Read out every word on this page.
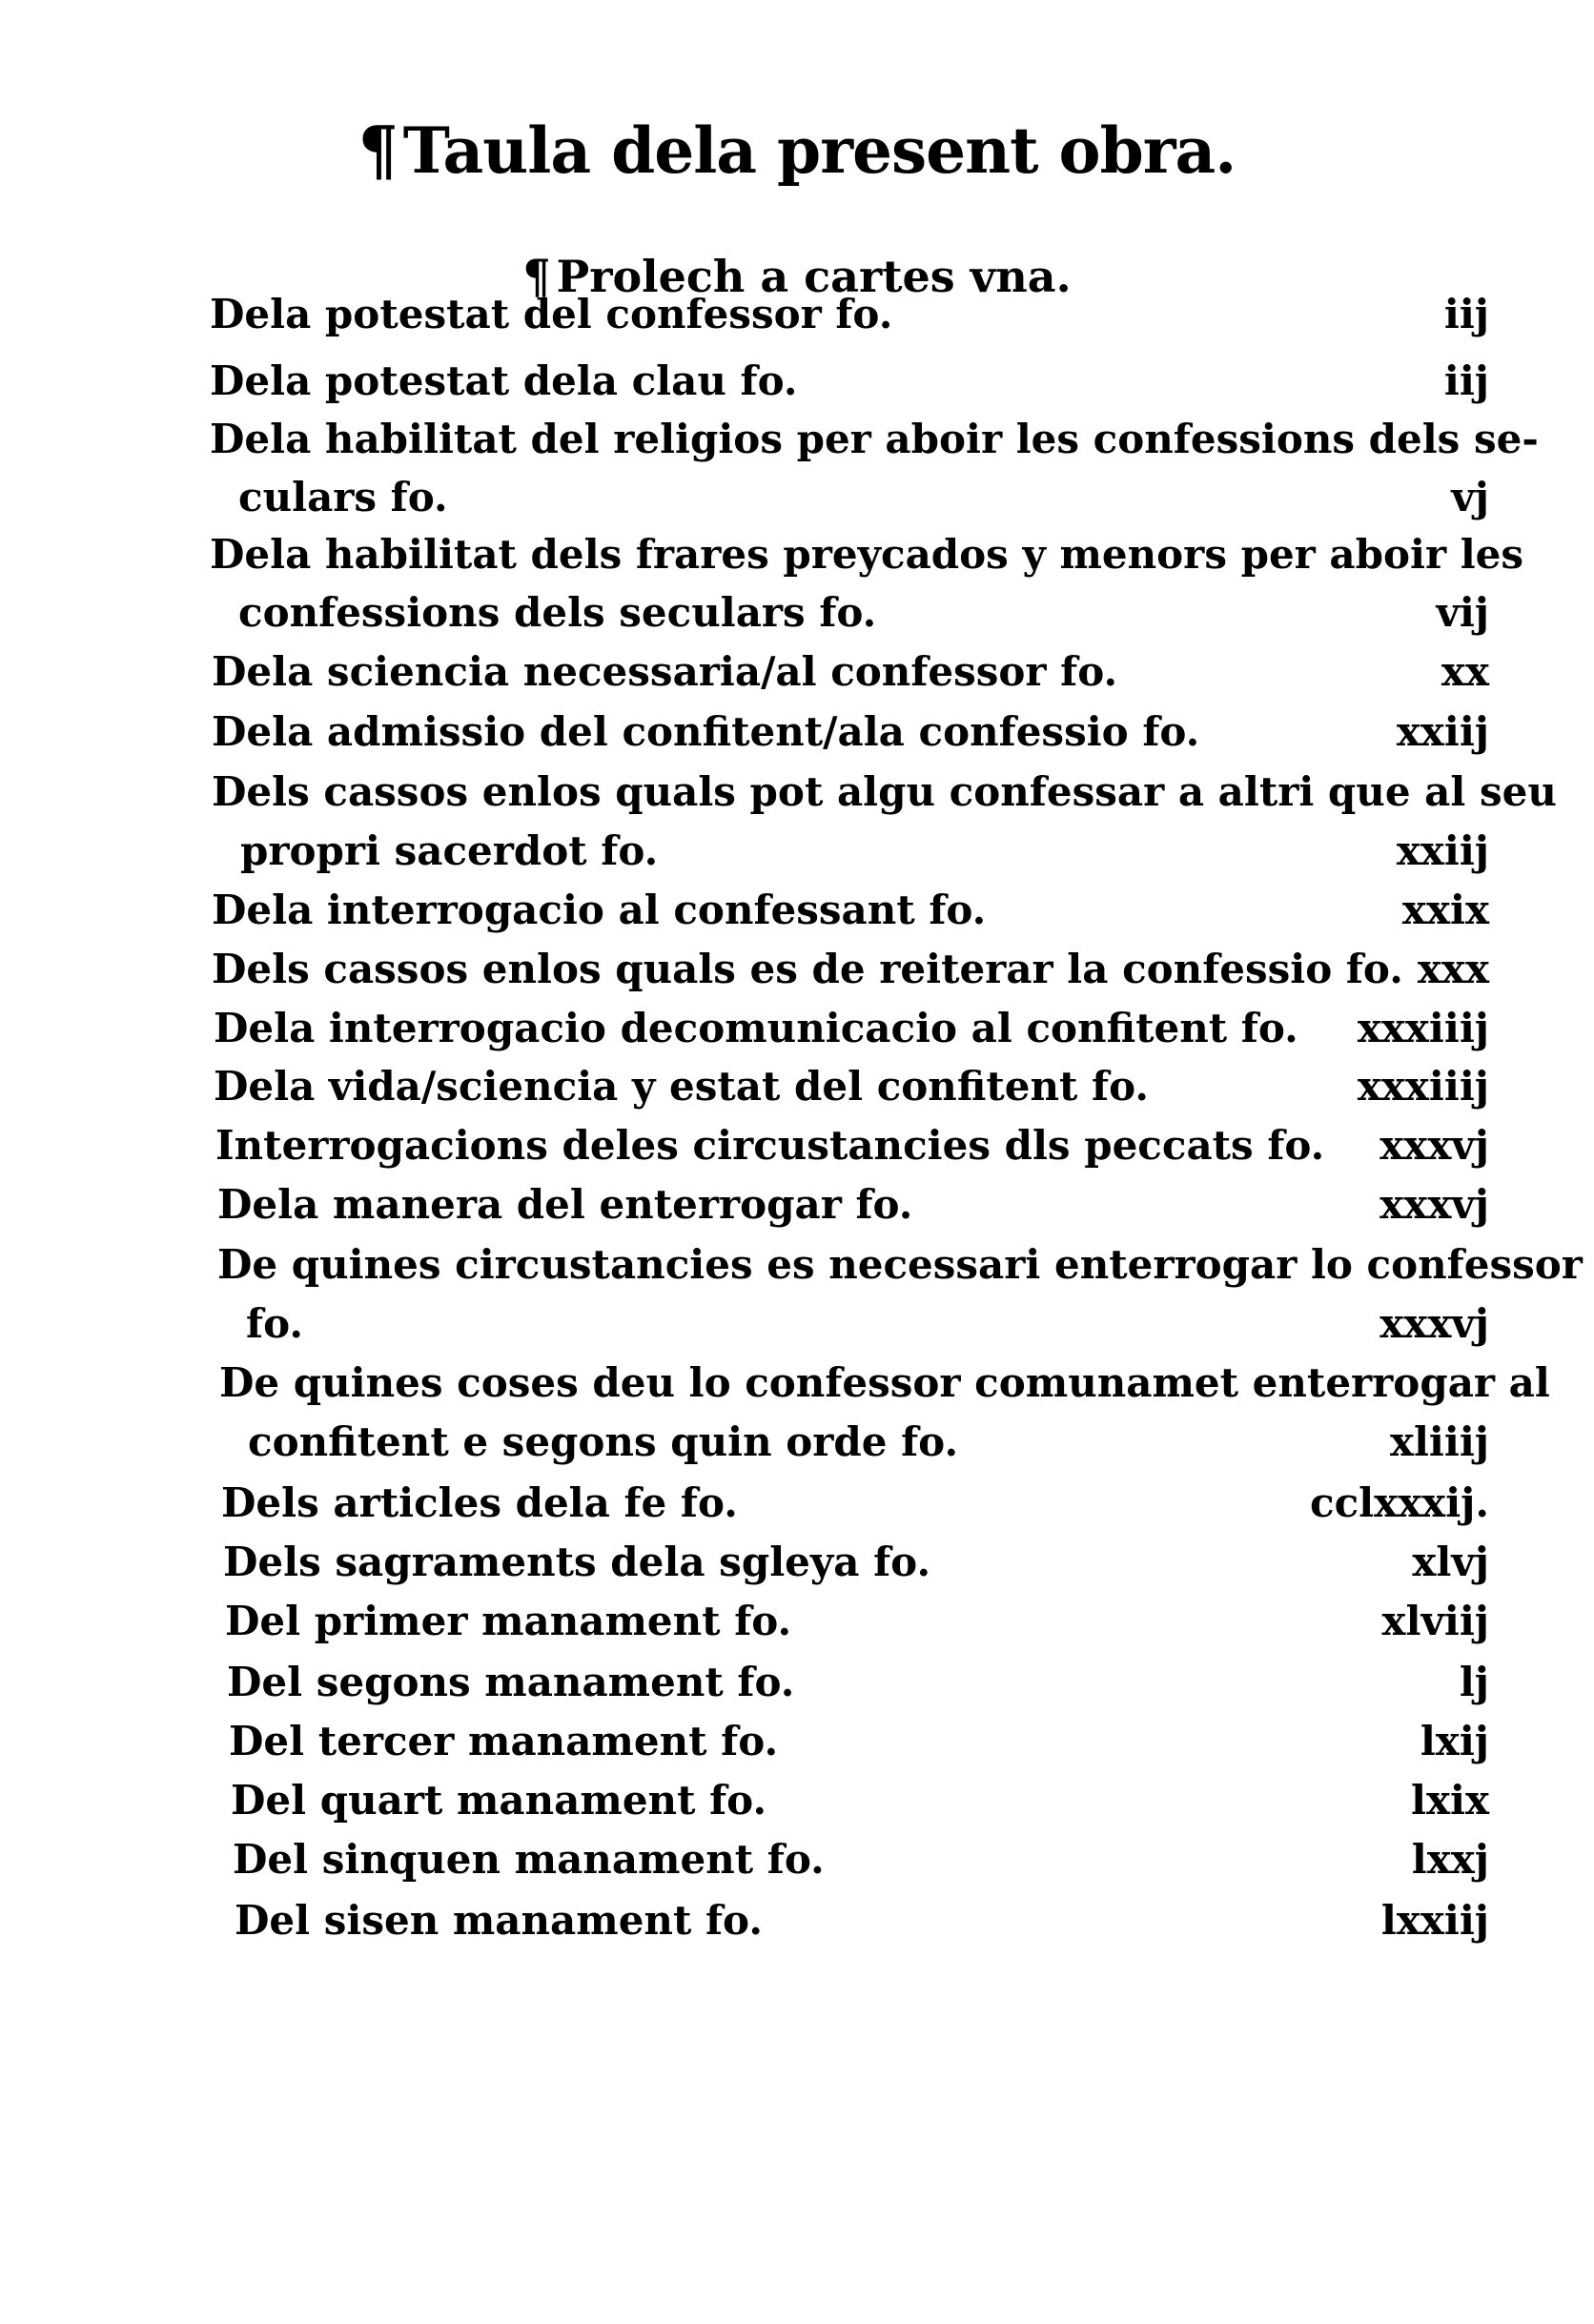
¶Taula dela present obra.
¶ Prolech a cartes vna.
Dela potestat del confessor fo.	iij
Dela potestat dela clau fo.	iij
Dela habilitat del religios per aboir les confessions dels se-
culars fo.	vj
Dela habilitat dels frares preycados y menors per aboir les
confessions dels seculars fo.	vij
Dela sciencia necessaria/al confessor fo.	xx
Dela admissio del confitent/ala confessio fo.	xxiij
Dels cassos enlos quals pot algu confessar a altri que al seu
propri sacerdot fo.	xxiij
Dela interrogacio al confessant fo.	xxix
Dels cassos enlos quals es de reiterar la confessio fo. xxx
Dela interrogacio decomunicacio al confitent fo. xxxiiij
Dela vida/sciencia y estat del confitent fo.	xxxiiij
Interrogacions deles circustancies dls peccats fo. xxxvj
Dela manera del enterrogar fo.	xxxvj
De quines circustancies es necessari enterrogar lo confessor
fo.	xxxvj
De quines coses deu lo confessor comunamet enterrogar al
confitent e segons quin orde fo.	xliiij
Dels articles dela fe fo.	cclxxxij.
Dels sagraments dela sgleya fo.	xlvj
Del primer manament fo.	xlviij
Del segons manament fo.	lj
Del tercer manament fo.	lxij
Del quart manament fo.	lxix
Del sinquen manament fo.	lxxj
Del sisen manament fo.	lxxiij
